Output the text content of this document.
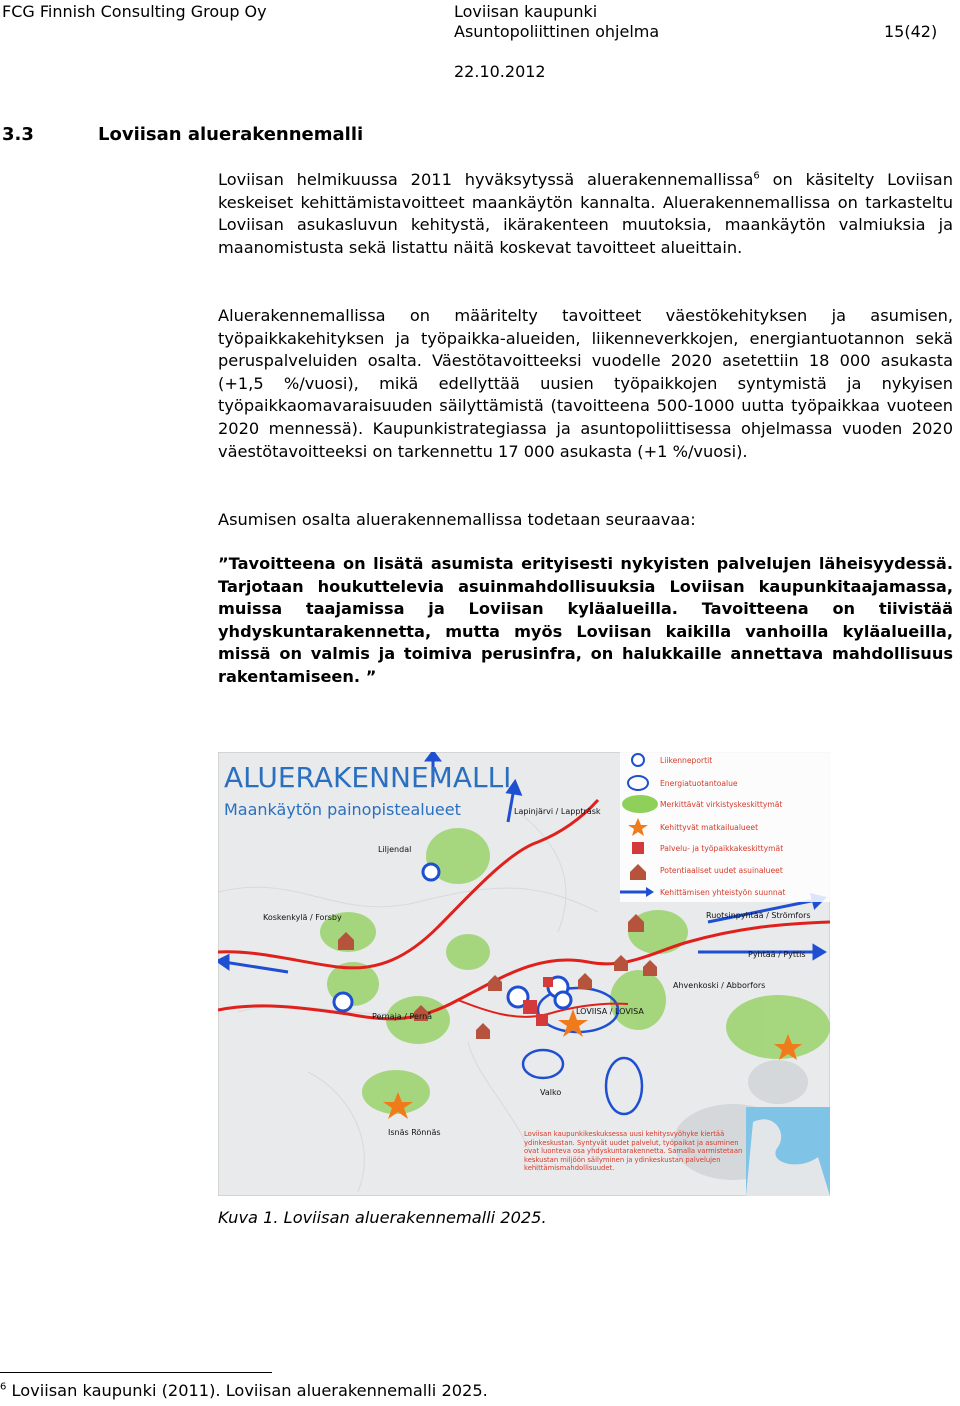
FCG Finnish Consulting Group Oy	Loviisan kaupunki
Asuntopoliittinen ohjelma	15(42)
22.10.2012
3.3	Loviisan aluerakennemalli
Loviisan helmikuussa 2011 hyväksytyssä aluerakennemallissa$^6$ on käsitelty Loviisan keskeiset kehittämistavoitteet maankäytön kannalta. Aluerakennemallissa on tarkasteltu Loviisan asukasluvun kehitystä, ikärakenteen muutoksia, maankäytön valmiuksia ja maanomistusta sekä listattu näitä koskevat tavoitteet alueittain.
Aluerakennemallissa on määritelty tavoitteet väestökehityksen ja asumisen, työpaikkakehityksen ja työpaikka-alueiden, liikenneverkkojen, energiantuotannon sekä peruspalveluiden osalta. Väestötavoitteeksi vuodelle 2020 asetettiin 18 000 asukasta (+1,5 %/vuosi), mikä edellyttää uusien työpaikkojen syntymistä ja nykyisen työpaikkaomavaraisuuden säilyttämistä (tavoitteena 500-1000 uutta työpaikkaa vuoteen 2020 mennessä). Kaupunkistrategiassa ja asuntopoliittisessa ohjelmassa vuoden 2020 väestötavoitteeksi on tarkennettu 17 000 asukasta (+1 %/vuosi).
Asumisen osalta aluerakennemallissa todetaan seuraavaa:
”Tavoitteena on lisätä asumista erityisesti nykyisten palvelujen läheisyydessä. Tarjotaan houkuttelevia asuinmahdollisuuksia Loviisan kaupunkitaajamassa, muissa taajamissa ja Loviisan kyläalueilla. Tavoitteena on tiivistää yhdyskuntarakennetta, mutta myös Loviisan kaikilla vanhoilla kyläalueilla, missä on valmis ja toimiva perusinfra, on halukkaille annettava mahdollisuus rakentamiseen. ”
ALUERAKENNEMALLI
Maankäytön painopistealueet
Liikenneportit
Energiatuotantoalue
Merkittävät virkistyskeskittymät
Kehittyvät matkailualueet
Palvelu- ja työpaikkakeskittymät
Potentiaaliset uudet asuinalueet
Kehittämisen yhteistyön suunnat
Lapinjärvi / Lappträsk
Liljendal
Koskenkylä / Forsby	Ruotsinpyhtää / Strömfors
Pyhtää / Pyttis
Ahvenkoski / Abborfors
Pernaja / Pernå
LOVIISA / LOVISA
Valko
Isnäs Rönnäs	Loviisan kaupunkikeskuksessa uusi kehitysvyöhyke kiertää ydinkeskustan. Syntyvät uudet palvelut, työpaikat ja asuminen ovat luonteva osa yhdyskuntarakennetta. Samalla varmistetaan keskustan miljöön säilyminen ja ydinkeskustan palvelujen kehittämismahdollisuudet.
Kuva 1. Loviisan aluerakennemalli 2025.
$^6$ Loviisan kaupunki (2011). Loviisan aluerakennemalli 2025.
